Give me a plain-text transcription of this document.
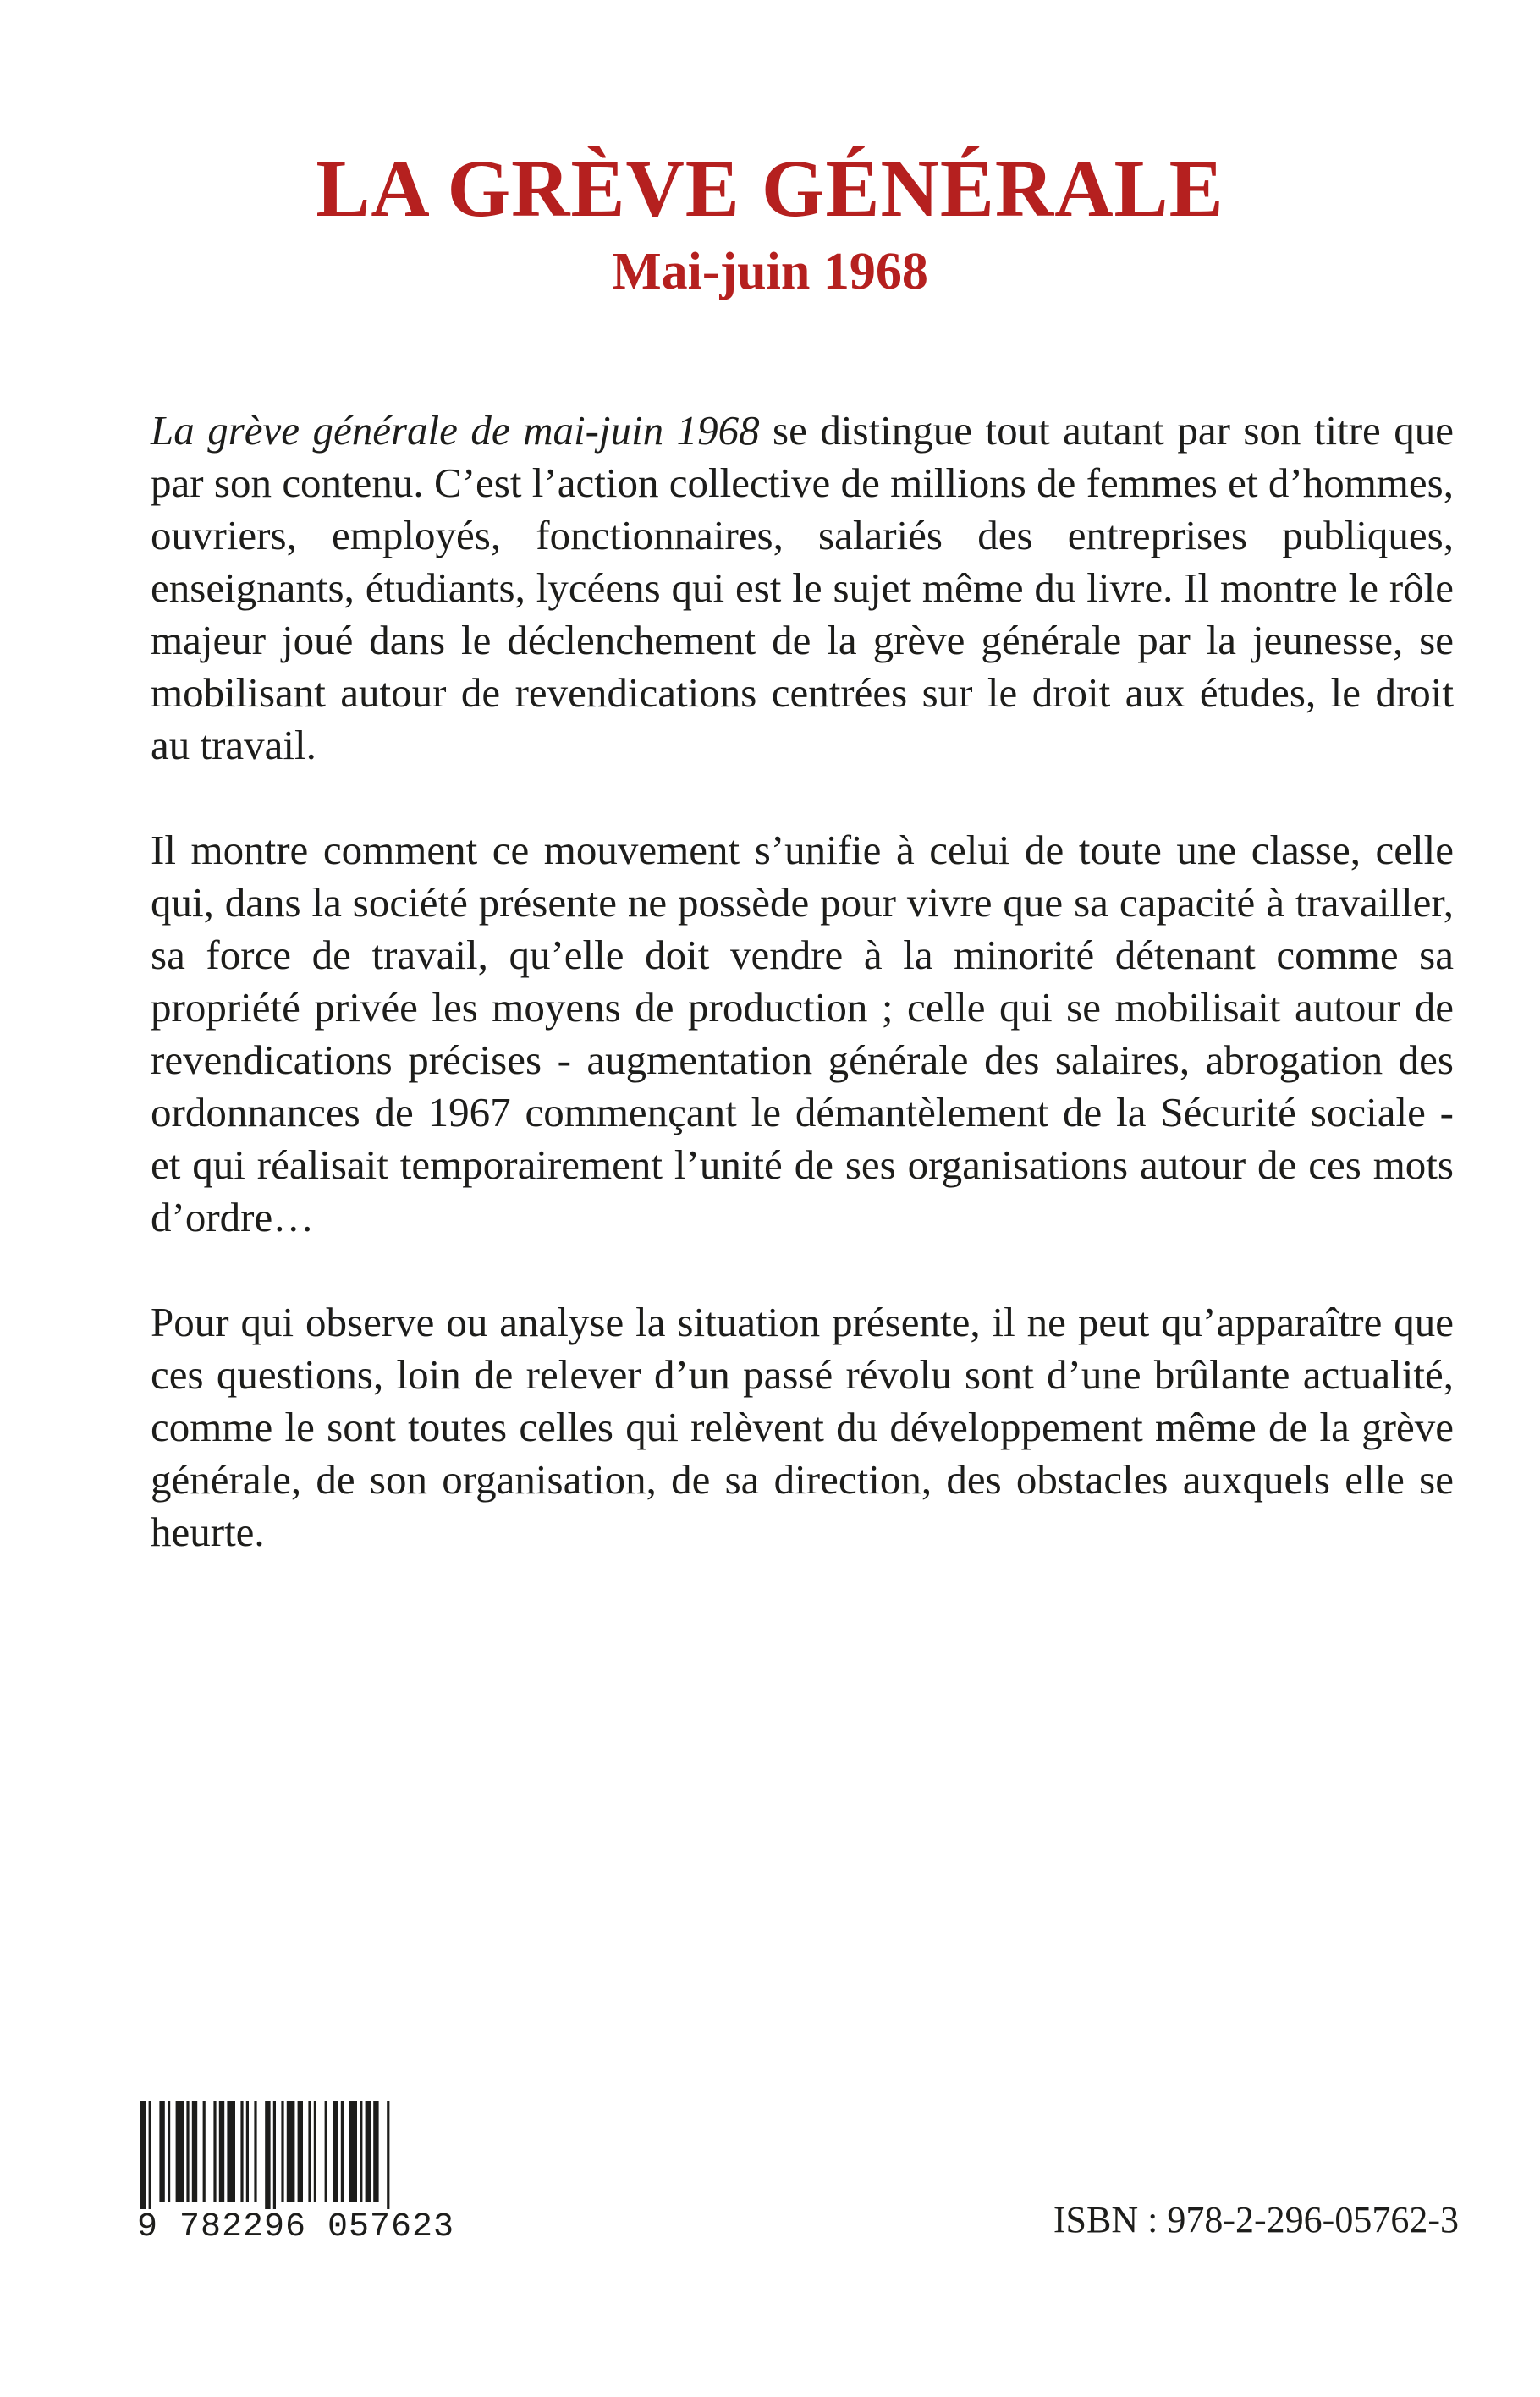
LA GRÈVE GÉNÉRALE
Mai-juin 1968

La grève générale de mai-juin 1968 se distingue tout autant par son titre que par son contenu. C’est l’action collective de millions de femmes et d’hommes, ouvriers, employés, fonctionnaires, salariés des entreprises publiques, enseignants, étudiants, lycéens qui est le sujet même du livre. Il montre le rôle majeur joué dans le déclenchement de la grève générale par la jeunesse, se mobilisant autour de revendications centrées sur le droit aux études, le droit au travail.

Il montre comment ce mouvement s’unifie à celui de toute une classe, celle qui, dans la société présente ne possède pour vivre que sa capacité à travailler, sa force de travail, qu’elle doit vendre à la minorité détenant comme sa propriété privée les moyens de production ; celle qui se mobilisait autour de revendications précises - augmentation générale des salaires, abrogation des ordonnances de 1967 commençant le démantèlement de la Sécurité sociale - et qui réalisait temporairement l’unité de ses organisations autour de ces mots d’ordre…

Pour qui observe ou analyse la situation présente, il ne peut qu’apparaître que ces questions, loin de relever d’un passé révolu sont d’une brûlante actualité, comme le sont toutes celles qui relèvent du développement même de la grève générale, de son organisation, de sa direction, des obstacles auxquels elle se heurte.

9 782296 057623	ISBN : 978-2-296-05762-3
